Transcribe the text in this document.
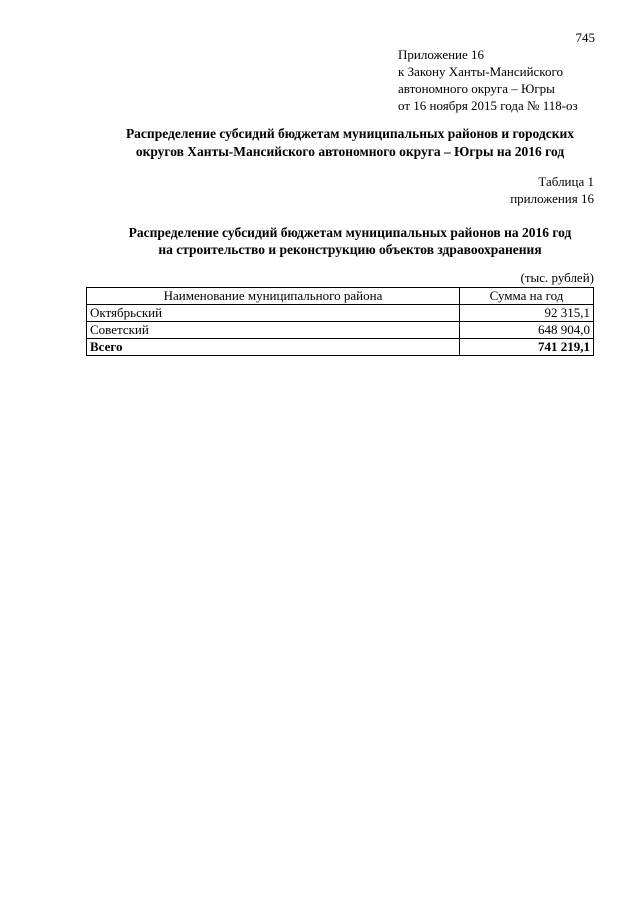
745
Приложение 16
к Закону Ханты-Мансийского
автономного округа – Югры
от 16 ноября 2015 года № 118-оз
Распределение субсидий бюджетам муниципальных районов и городских
округов Ханты-Мансийского автономного округа – Югры на 2016 год
Таблица 1
приложения 16
Распределение субсидий бюджетам муниципальных районов на 2016 год
на строительство и реконструкцию объектов здравоохранения
(тыс. рублей)
Наименование муниципального района	Сумма на год
Октябрьский	92 315,1
Советский	648 904,0
Всего	741 219,1
